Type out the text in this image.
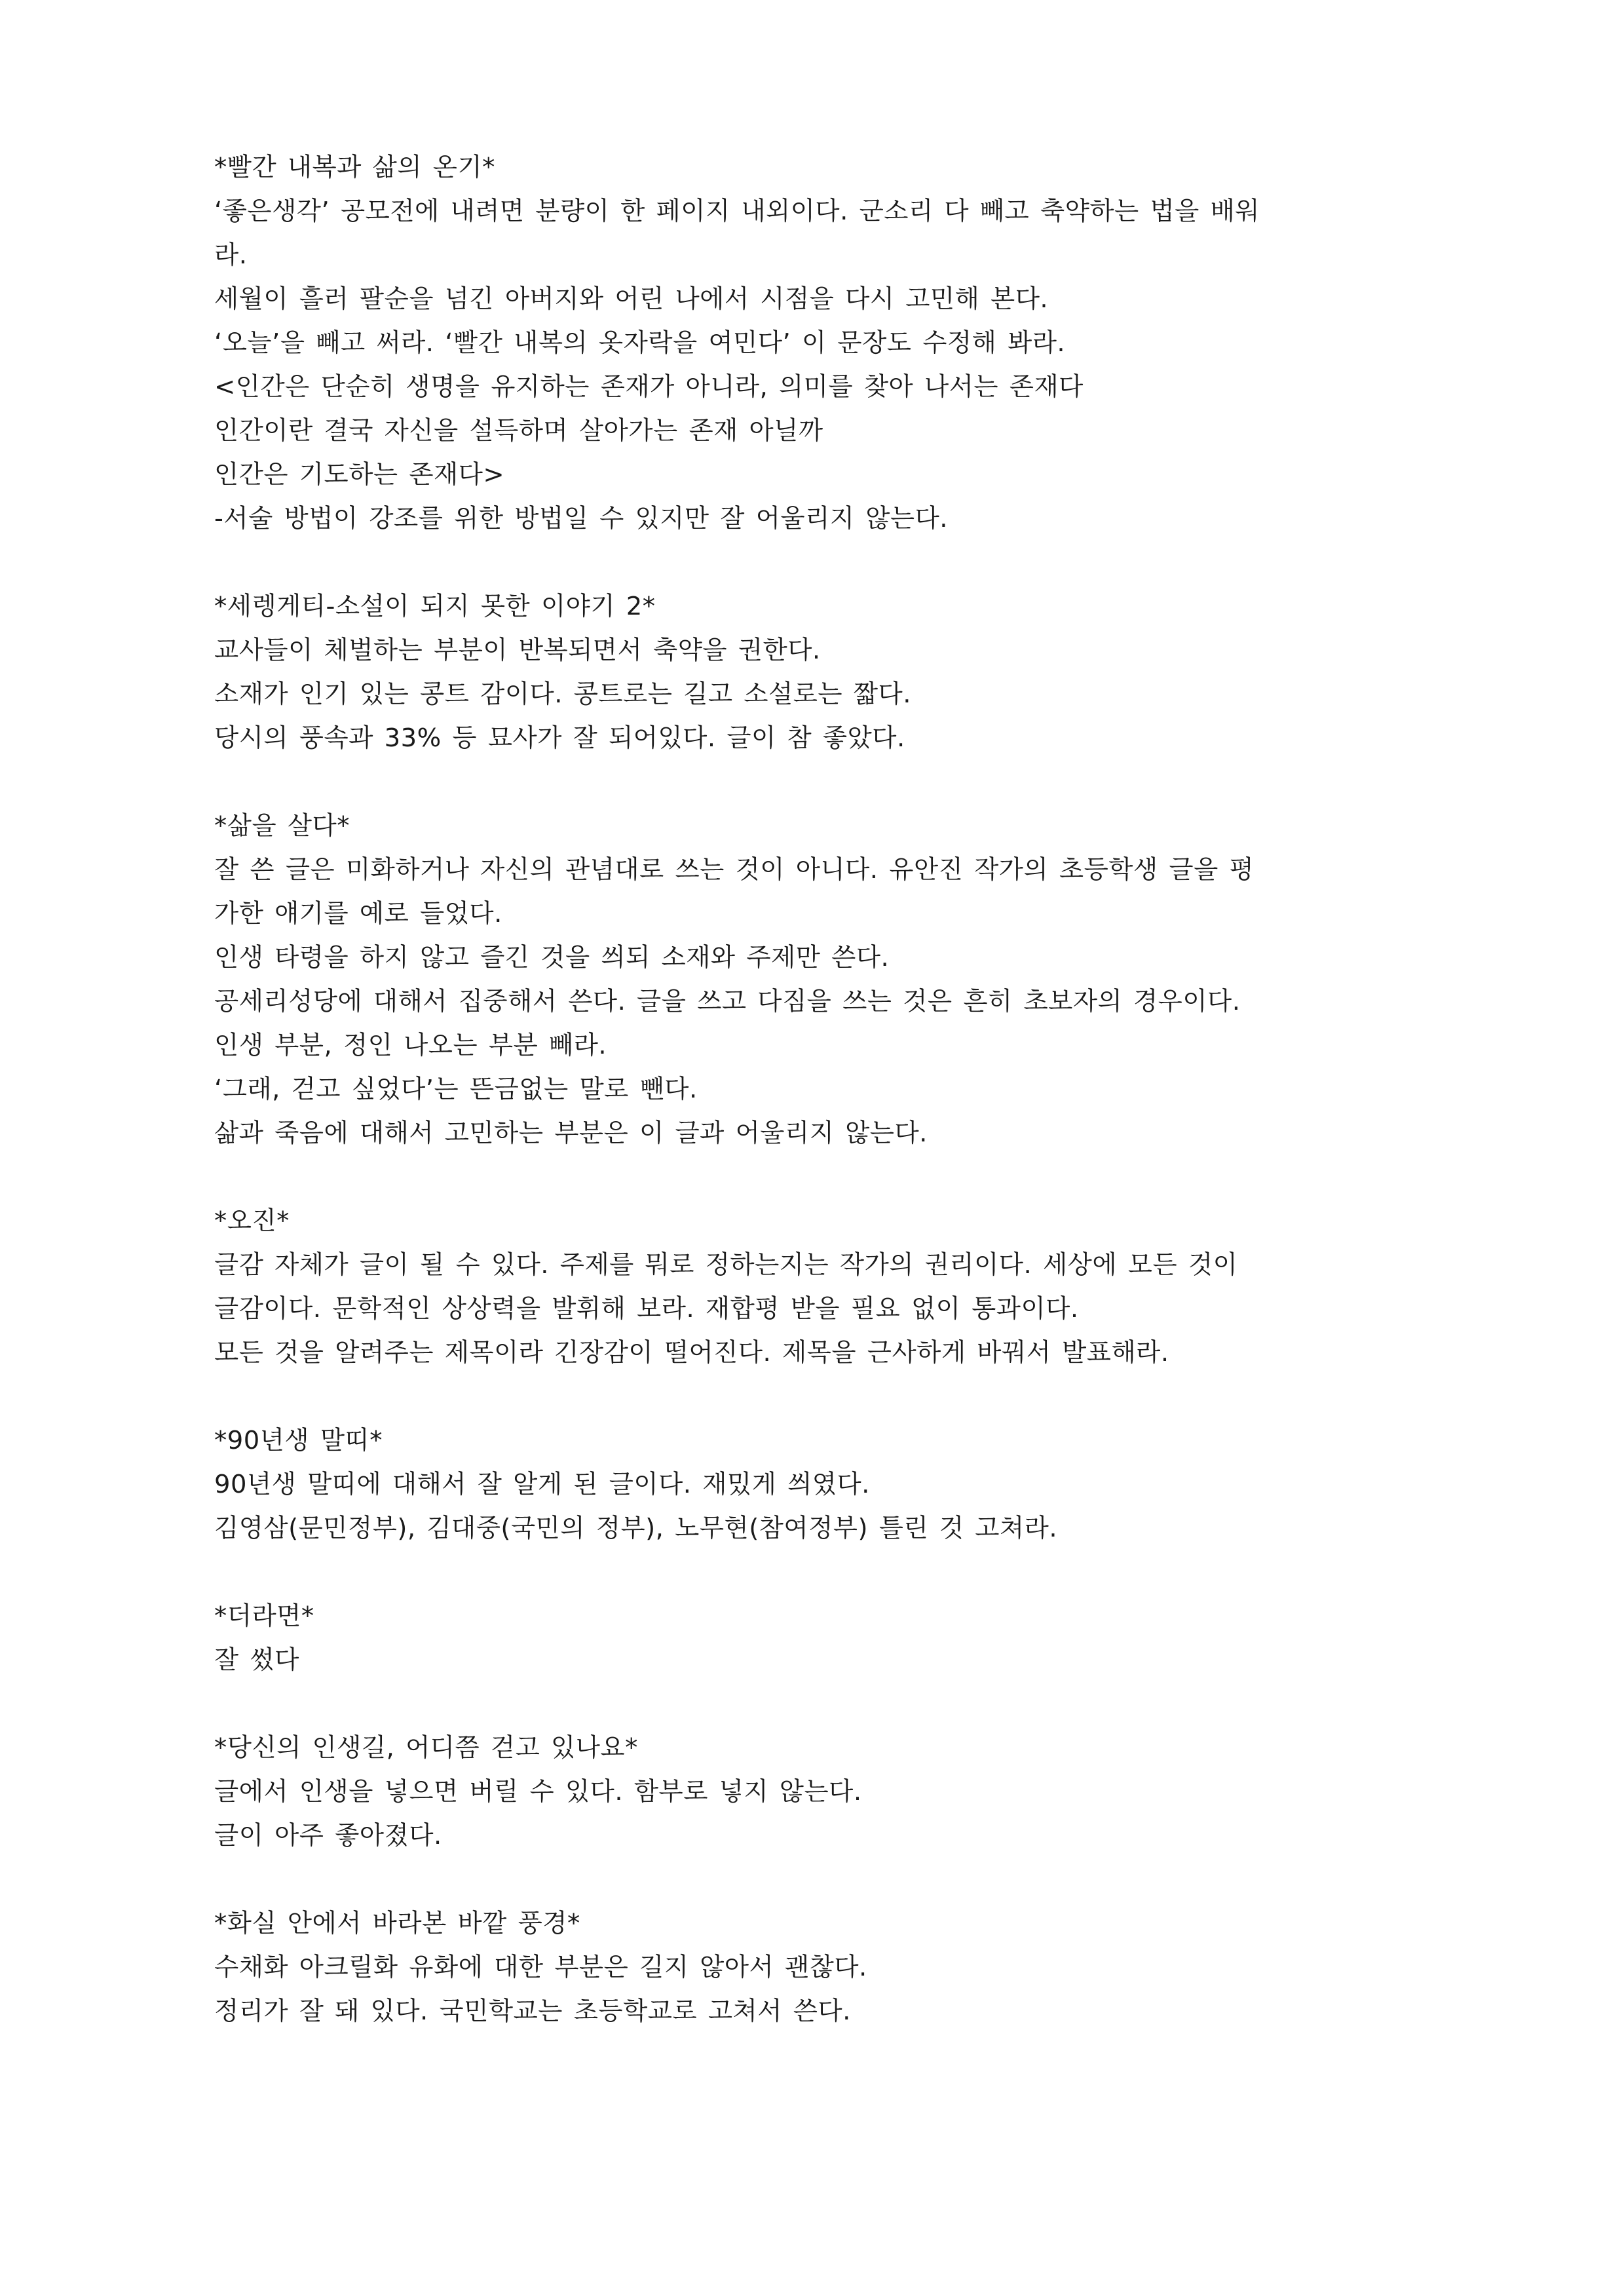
*빨간 내복과 삶의 온기*

‘좋은생각’ 공모전에 내려면 분량이 한 페이지 내외이다. 군소리 다 빼고 축약하는 법을 배워

라.

세월이 흘러 팔순을 넘긴 아버지와 어린 나에서 시점을 다시 고민해 본다.

‘오늘’을 빼고 써라. ‘빨간 내복의 옷자락을 여민다’ 이 문장도 수정해 봐라.

<인간은 단순히 생명을 유지하는 존재가 아니라, 의미를 찾아 나서는 존재다

인간이란 결국 자신을 설득하며 살아가는 존재 아닐까

인간은 기도하는 존재다>

-서술 방법이 강조를 위한 방법일 수 있지만 잘 어울리지 않는다.

*세렝게티-소설이 되지 못한 이야기 2*

교사들이 체벌하는 부분이 반복되면서 축약을 권한다.

소재가 인기 있는 콩트 감이다. 콩트로는 길고 소설로는 짧다.

당시의 풍속과 33% 등 묘사가 잘 되어있다. 글이 참 좋았다.

*삶을 살다*

잘 쓴 글은 미화하거나 자신의 관념대로 쓰는 것이 아니다. 유안진 작가의 초등학생 글을 평

가한 얘기를 예로 들었다.

인생 타령을 하지 않고 즐긴 것을 씌되 소재와 주제만 쓴다.

공세리성당에 대해서 집중해서 쓴다. 글을 쓰고 다짐을 쓰는 것은 흔히 초보자의 경우이다.

인생 부분, 정인 나오는 부분 빼라.

‘그래, 걷고 싶었다’는 뜬금없는 말로 뺀다.

삶과 죽음에 대해서 고민하는 부분은 이 글과 어울리지 않는다.

*오진*

글감 자체가 글이 될 수 있다. 주제를 뭐로 정하는지는 작가의 권리이다. 세상에 모든 것이

글감이다. 문학적인 상상력을 발휘해 보라. 재합평 받을 필요 없이 통과이다.

모든 것을 알려주는 제목이라 긴장감이 떨어진다. 제목을 근사하게 바꿔서 발표해라.

*90년생 말띠*

90년생 말띠에 대해서 잘 알게 된 글이다. 재밌게 씌였다.

김영삼(문민정부), 김대중(국민의 정부), 노무현(참여정부) 틀린 것 고쳐라.

*더라면*

잘 썼다

*당신의 인생길, 어디쯤 걷고 있나요*

글에서 인생을 넣으면 버릴 수 있다. 함부로 넣지 않는다.

글이 아주 좋아졌다.

*화실 안에서 바라본 바깥 풍경*

수채화 아크릴화 유화에 대한 부분은 길지 않아서 괜찮다.

정리가 잘 돼 있다. 국민학교는 초등학교로 고쳐서 쓴다.
